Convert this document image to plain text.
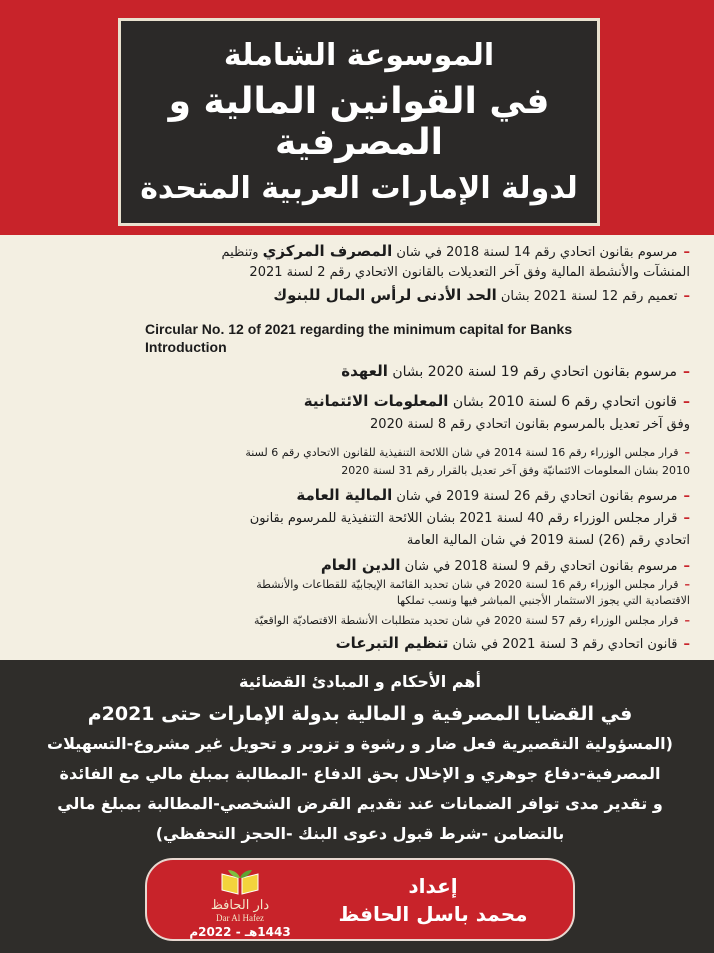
الموسوعة الشاملة
في القوانين المالية و المصرفية
لدولة الإمارات العربية المتحدة
–مرسوم بقانون اتحادي رقم 14 لسنة 2018 في شان المصرف المركزي وتنظيم
المنشآت والأنشطة المالية وفق آخر التعديلات بالقانون الاتحادي رقم 2 لسنة 2021
–تعميم رقم 12 لسنة 2021 بشان الحد الأدنى لرأس المال للبنوك
–مرسوم بقانون اتحادي رقم 19 لسنة 2020 بشان العهدة
–قانون اتحادي رقم 6 لسنة 2010 بشان المعلومات الائتمانية
وفق آخر تعديل بالمرسوم بقانون اتحادي رقم 8 لسنة 2020
–قرار مجلس الوزراء رقم 16 لسنة 2014 في شان اللائحة التنفيذية للقانون الاتحادي رقم 6 لسنة
2010 بشان المعلومات الائتمانيّة وفق آخر تعديل بالقرار رقم 31 لسنة 2020
–مرسوم بقانون اتحادي رقم 26 لسنة 2019 في شان المالية العامة
–قرار مجلس الوزراء رقم 40 لسنة 2021 بشان اللائحة التنفيذية للمرسوم بقانون
اتحادي رقم (26) لسنة 2019 في شان المالية العامة
–مرسوم بقانون اتحادي رقم 9 لسنة 2018 في شان الدين العام
–قرار مجلس الوزراء رقم 16 لسنة 2020 في شان تحديد القائمة الإيجابيّة للقطاعات والأنشطة
الاقتصادية التي يجوز الاستثمار الأجنبي المباشر فيها ونسب تملكها
–قرار مجلس الوزراء رقم 57 لسنة 2020 في شان تحديد متطلبات الأنشطة الاقتصاديّة الواقعيّة
–قانون اتحادي رقم 3 لسنة 2021 في شان تنظيم التبرعات
Circular No. 12 of 2021 regarding the minimum capital for Banks Introduction
أهم الأحكام و المبادئ القضائية
في القضايا المصرفية و المالية بدولة الإمارات حتى 2021م
(المسؤولية التقصيرية فعل ضار و رشوة و تزوير و تحويل غير مشروع-التسهيلات
المصرفية-دفاع جوهري و الإخلال بحق الدفاع -المطالبة بمبلغ مالي مع الفائدة
و تقدير مدى توافر الضمانات عند تقديم القرض الشخصي-المطالبة بمبلغ مالي
بالتضامن -شرط قبول دعوى البنك -الحجز التحفظي)
دار الحافظ
Dar Al Hafez
1443هـ - 2022م
إعداد
محمد باسل الحافظ
